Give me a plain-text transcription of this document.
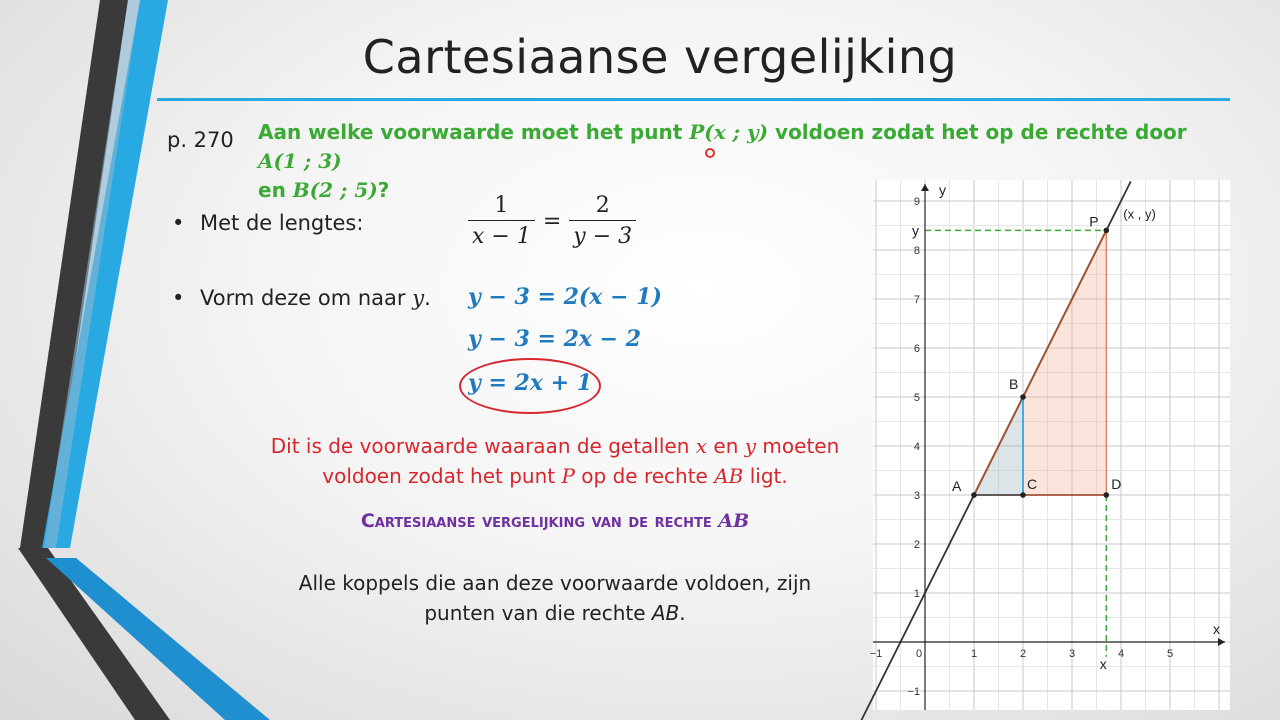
Cartesiaanse vergelijking
p. 270 Aan welke voorwaarde moet het punt P(x ; y) voldoen zodat het op de rechte door A(1 ; 3)
en B(2 ; 5)?
• Met de lengtes:	$\frac{1}{x - 1} = \frac{2}{y - 3}$
• Vorm deze om naar y. y − 3 = 2(x − 1)
y − 3 = 2x − 2
y = 2x + 1
Dit is de voorwaarde waaraan de getallen x en y moeten
voldoen zodat het punt P op de rechte AB ligt.
Cartesiaanse vergelijking van de rechte AB
Alle koppels die aan deze voorwaarde voldoen, zijn
punten van die rechte AB.
−1	0	1	2	3	4	5
9
8
7
6
5
4
3
2
1
−1
x
y
A
B
C	D
P (x , y)
y
x
